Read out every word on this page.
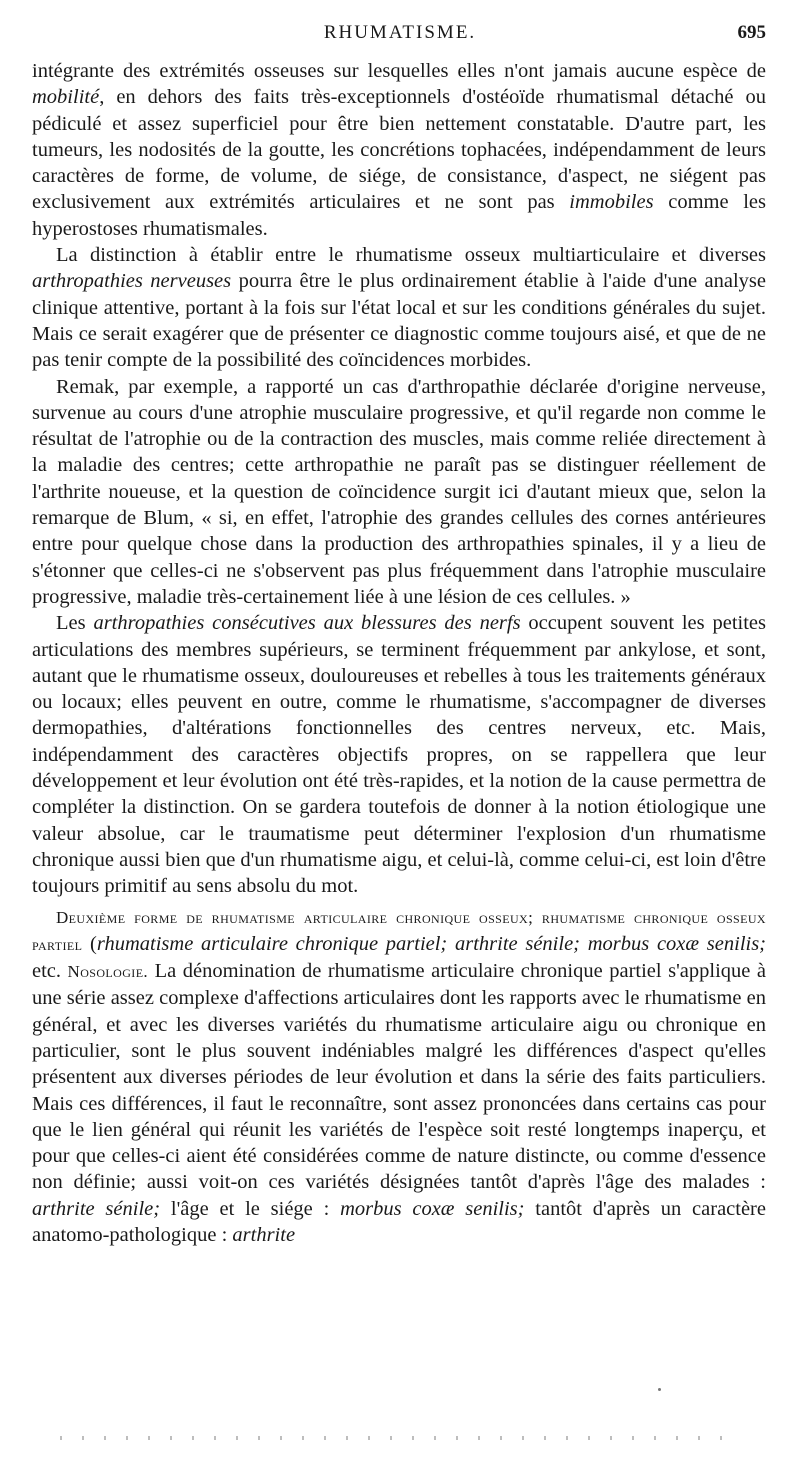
RHUMATISME.	695

intégrante des extrémités osseuses sur lesquelles elles n'ont jamais aucune espèce de mobilité, en dehors des faits très-exceptionnels d'ostéoïde rhumatismal détaché ou pédiculé et assez superficiel pour être bien nettement constatable. D'autre part, les tumeurs, les nodosités de la goutte, les concrétions tophacées, indépendamment de leurs caractères de forme, de volume, de siége, de consistance, d'aspect, ne siégent pas exclusivement aux extrémités articulaires et ne sont pas immobiles comme les hyperostoses rhumatismales.

La distinction à établir entre le rhumatisme osseux multiarticulaire et diverses arthropathies nerveuses pourra être le plus ordinairement établie à l'aide d'une analyse clinique attentive, portant à la fois sur l'état local et sur les conditions générales du sujet. Mais ce serait exagérer que de présenter ce diagnostic comme toujours aisé, et que de ne pas tenir compte de la possibilité des coïncidences morbides.

Remak, par exemple, a rapporté un cas d'arthropathie déclarée d'origine nerveuse, survenue au cours d'une atrophie musculaire progressive, et qu'il regarde non comme le résultat de l'atrophie ou de la contraction des muscles, mais comme reliée directement à la maladie des centres; cette arthropathie ne paraît pas se distinguer réellement de l'arthrite noueuse, et la question de coïncidence surgit ici d'autant mieux que, selon la remarque de Blum, « si, en effet, l'atrophie des grandes cellules des cornes antérieures entre pour quelque chose dans la production des arthropathies spinales, il y a lieu de s'étonner que celles-ci ne s'observent pas plus fréquemment dans l'atrophie musculaire progressive, maladie très-certainement liée à une lésion de ces cellules. »

Les arthropathies consécutives aux blessures des nerfs occupent souvent les petites articulations des membres supérieurs, se terminent fréquemment par ankylose, et sont, autant que le rhumatisme osseux, douloureuses et rebelles à tous les traitements généraux ou locaux; elles peuvent en outre, comme le rhumatisme, s'accompagner de diverses dermopathies, d'altérations fonctionnelles des centres nerveux, etc. Mais, indépendamment des caractères objectifs propres, on se rappellera que leur développement et leur évolution ont été très-rapides, et la notion de la cause permettra de compléter la distinction. On se gardera toutefois de donner à la notion étiologique une valeur absolue, car le traumatisme peut déterminer l'explosion d'un rhumatisme chronique aussi bien que d'un rhumatisme aigu, et celui-là, comme celui-ci, est loin d'être toujours primitif au sens absolu du mot.

Deuxième forme de rhumatisme articulaire chronique osseux; rhumatisme chronique osseux partiel (rhumatisme articulaire chronique partiel; arthrite sénile; morbus coxæ senilis; etc. Nosologie. La dénomination de rhumatisme articulaire chronique partiel s'applique à une série assez complexe d'affections articulaires dont les rapports avec le rhumatisme en général, et avec les diverses variétés du rhumatisme articulaire aigu ou chronique en particulier, sont le plus souvent indéniables malgré les différences d'aspect qu'elles présentent aux diverses périodes de leur évolution et dans la série des faits particuliers. Mais ces différences, il faut le reconnaître, sont assez prononcées dans certains cas pour que le lien général qui réunit les variétés de l'espèce soit resté longtemps inaperçu, et pour que celles-ci aient été considérées comme de nature distincte, ou comme d'essence non définie; aussi voit-on ces variétés désignées tantôt d'après l'âge des malades : arthrite sénile; l'âge et le siége : morbus coxæ senilis; tantôt d'après un caractère anatomo-pathologique : arthrite
